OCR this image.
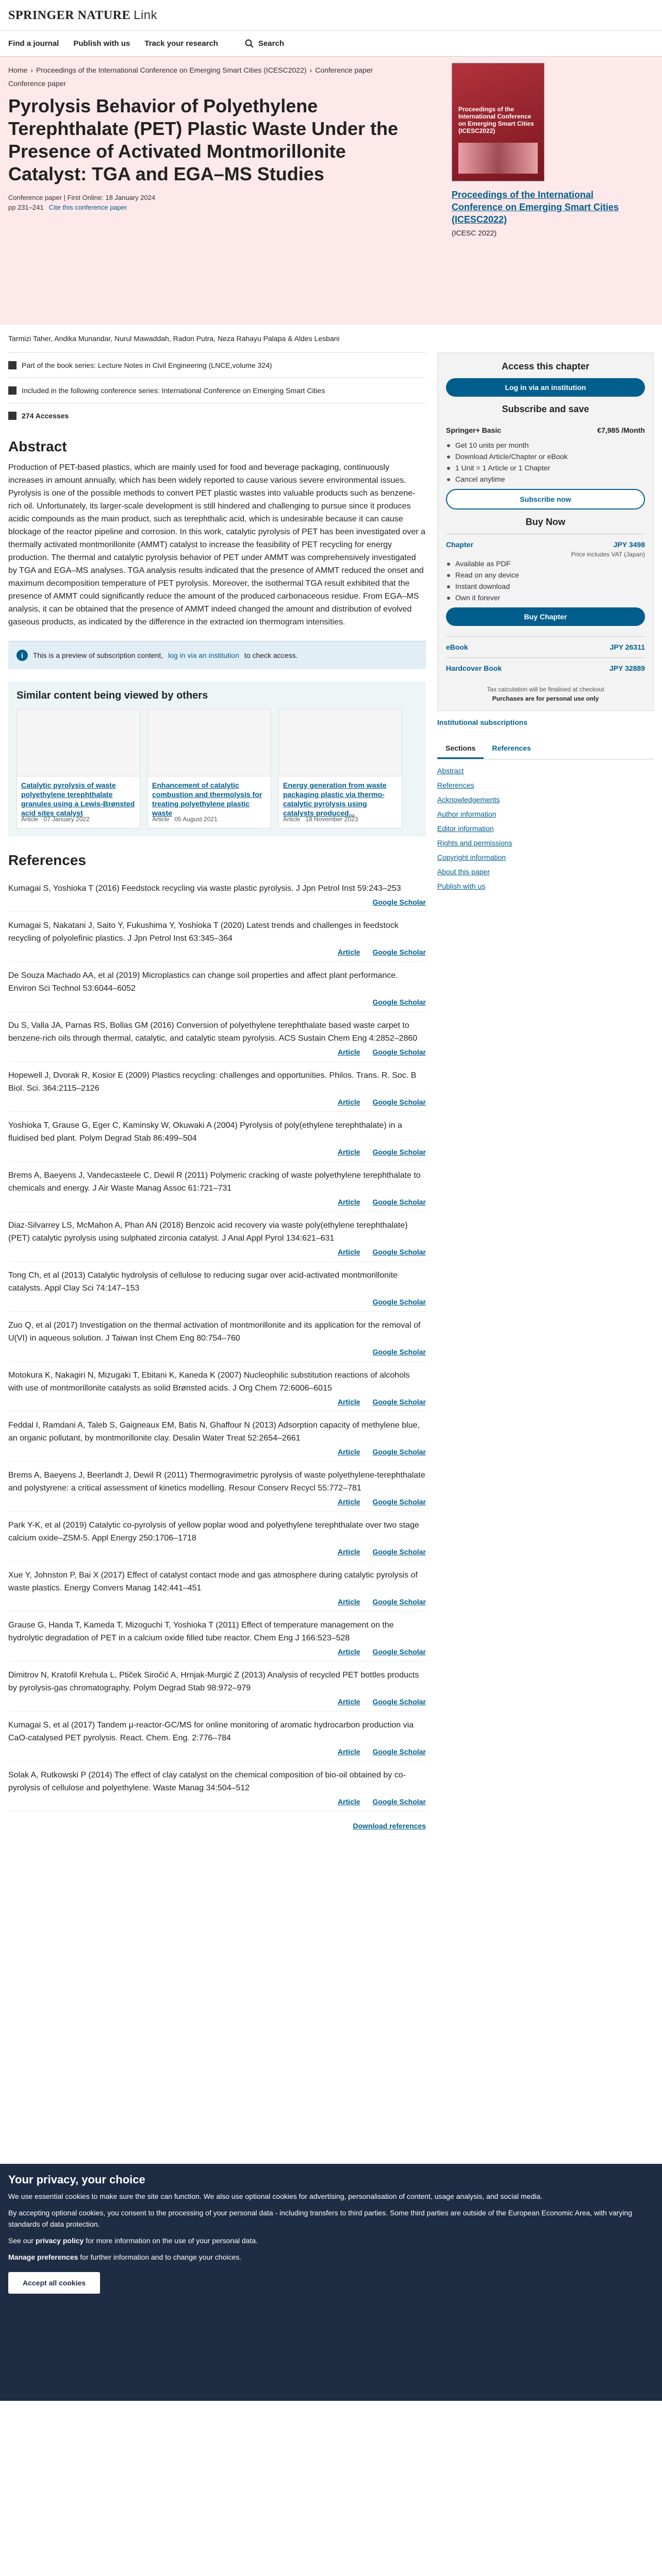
SPRINGER NATURE Link
Find a journal Publish with us Track your research	Search
Home › Proceedings of the International Conference on Emerging Smart Cities (ICESC2022) › Conference paper
Conference paper
Pyrolysis Behavior of Polyethylene Terephthalate (PET) Plastic Waste Under the Presence of Activated Montmorillonite Catalyst: TGA and EGA–MS Studies
Conference paper | First Online: 18 January 2024
pp 231–241 Cite this conference paper
Proceedings of the International Conference on Emerging Smart Cities (ICESC2022)
Proceedings of the International Conference on Emerging Smart Cities (ICESC2022)
(ICESC 2022)
Tarmizi Taher, Andika Munandar, Nurul Mawaddah, Radon Putra, Neza Rahayu Palapa & Aldes Lesbani
Part of the book series: Lecture Notes in Civil Engineering (LNCE,volume 324)
Included in the following conference series: International Conference on Emerging Smart Cities
274 Accesses
Abstract

Production of PET-based plastics, which are mainly used for food and beverage packaging, continuously increases in amount annually, which has been widely reported to cause various severe environmental issues. Pyrolysis is one of the possible methods to convert PET plastic wastes into valuable products such as benzene-rich oil. Unfortunately, its larger-scale development is still hindered and challenging to pursue since it produces acidic compounds as the main product, such as terephthalic acid, which is undesirable because it can cause blockage of the reactor pipeline and corrosion. In this work, catalytic pyrolysis of PET has been investigated over a thermally activated montmorillonite (AMMT) catalyst to increase the feasibility of PET recycling for energy production. The thermal and catalytic pyrolysis behavior of PET under AMMT was comprehensively investigated by TGA and EGA–MS analyses. TGA analysis results indicated that the presence of AMMT reduced the onset and maximum decomposition temperature of PET pyrolysis. Moreover, the isothermal TGA result exhibited that the presence of AMMT could significantly reduce the amount of the produced carbonaceous residue. From EGA–MS analysis, it can be obtained that the presence of AMMT indeed changed the amount and distribution of evolved gaseous products, as indicated by the difference in the extracted ion thermogram intensities.

i	This is a preview of subscription content, log in via an institution to check access.
Similar content being viewed by others
Catalytic pyrolysis of waste polyethylene terephthalate granules using a Lewis-Brønsted acid sites catalyst
Article 07 January 2022
Enhancement of catalytic combustion and thermolysis for treating polyethylene plastic waste
Article 05 August 2021
Energy generation from waste packaging plastic via thermo-catalytic pyrolysis using catalysts produced...
Article 18 November 2023
References

Kumagai S, Yoshioka T (2016) Feedstock recycling via waste plastic pyrolysis. J Jpn Petrol Inst 59:243–253

Google Scholar

Kumagai S, Nakatani J, Saito Y, Fukushima Y, Yoshioka T (2020) Latest trends and challenges in feedstock recycling of polyolefinic plastics. J Jpn Petrol Inst 63:345–364

Article Google Scholar

De Souza Machado AA, et al (2019) Microplastics can change soil properties and affect plant performance. Environ Sci Technol 53:6044–6052

Google Scholar

Du S, Valla JA, Parnas RS, Bollas GM (2016) Conversion of polyethylene terephthalate based waste carpet to benzene-rich oils through thermal, catalytic, and catalytic steam pyrolysis. ACS Sustain Chem Eng 4:2852–2860

Article Google Scholar

Hopewell J, Dvorak R, Kosior E (2009) Plastics recycling: challenges and opportunities. Philos. Trans. R. Soc. B Biol. Sci. 364:2115–2126

Article Google Scholar

Yoshioka T, Grause G, Eger C, Kaminsky W, Okuwaki A (2004) Pyrolysis of poly(ethylene terephthalate) in a fluidised bed plant. Polym Degrad Stab 86:499–504

Article Google Scholar

Brems A, Baeyens J, Vandecasteele C, Dewil R (2011) Polymeric cracking of waste polyethylene terephthalate to chemicals and energy. J Air Waste Manag Assoc 61:721–731

Article Google Scholar

Diaz-Silvarrey LS, McMahon A, Phan AN (2018) Benzoic acid recovery via waste poly(ethylene terephthalate) (PET) catalytic pyrolysis using sulphated zirconia catalyst. J Anal Appl Pyrol 134:621–631

Article Google Scholar

Tong Ch, et al (2013) Catalytic hydrolysis of cellulose to reducing sugar over acid-activated montmorillonite catalysts. Appl Clay Sci 74:147–153

Google Scholar

Zuo Q, et al (2017) Investigation on the thermal activation of montmorillonite and its application for the removal of U(VI) in aqueous solution. J Taiwan Inst Chem Eng 80:754–760

Google Scholar

Motokura K, Nakagiri N, Mizugaki T, Ebitani K, Kaneda K (2007) Nucleophilic substitution reactions of alcohols with use of montmorillonite catalysts as solid Brønsted acids. J Org Chem 72:6006–6015

Article Google Scholar

Feddal I, Ramdani A, Taleb S, Gaigneaux EM, Batis N, Ghaffour N (2013) Adsorption capacity of methylene blue, an organic pollutant, by montmorillonite clay. Desalin Water Treat 52:2654–2661

Article Google Scholar

Brems A, Baeyens J, Beerlandt J, Dewil R (2011) Thermogravimetric pyrolysis of waste polyethylene-terephthalate and polystyrene: a critical assessment of kinetics modelling. Resour Conserv Recycl 55:772–781

Article Google Scholar

Park Y-K, et al (2019) Catalytic co-pyrolysis of yellow poplar wood and polyethylene terephthalate over two stage calcium oxide–ZSM-5. Appl Energy 250:1706–1718

Article Google Scholar

Xue Y, Johnston P, Bai X (2017) Effect of catalyst contact mode and gas atmosphere during catalytic pyrolysis of waste plastics. Energy Convers Manag 142:441–451

Article Google Scholar

Grause G, Handa T, Kameda T, Mizoguchi T, Yoshioka T (2011) Effect of temperature management on the hydrolytic degradation of PET in a calcium oxide filled tube reactor. Chem Eng J 166:523–528

Article Google Scholar

Dimitrov N, Kratofil Krehula L, Ptiček Siročić A, Hrnjak-Murgić Z (2013) Analysis of recycled PET bottles products by pyrolysis-gas chromatography. Polym Degrad Stab 98:972–979

Article Google Scholar

Kumagai S, et al (2017) Tandem μ-reactor-GC/MS for online monitoring of aromatic hydrocarbon production via CaO-catalysed PET pyrolysis. React. Chem. Eng. 2:776–784

Article Google Scholar

Solak A, Rutkowski P (2014) The effect of clay catalyst on the chemical composition of bio-oil obtained by co-pyrolysis of cellulose and polyethylene. Waste Manag 34:504–512

Article Google Scholar
Download references
Access this chapter
Log in via an institution
Subscribe and save
Springer+ Basic	€7,985 /Month
Get 10 units per month
Download Article/Chapter or eBook
1 Unit = 1 Article or 1 Chapter
Cancel anytime
Subscribe now
Buy Now
Chapter	JPY 3498
Price includes VAT (Japan)
Available as PDF
Read on any device
Instant download
Own it forever
Buy Chapter
eBook	JPY 26311
Hardcover Book	JPY 32889
Tax calculation will be finalised at checkout
Purchases are for personal use only
Institutional subscriptions
Sections	References
Abstract
References
Acknowledgements
Author information
Editor information
Rights and permissions
Copyright information
About this paper
Publish with us
Your privacy, your choice

We use essential cookies to make sure the site can function. We also use optional cookies for advertising, personalisation of content, usage analysis, and social media.

By accepting optional cookies, you consent to the processing of your personal data - including transfers to third parties. Some third parties are outside of the European Economic Area, with varying standards of data protection.

See our privacy policy for more information on the use of your personal data.

Manage preferences for further information and to change your choices.

Accept all cookies
